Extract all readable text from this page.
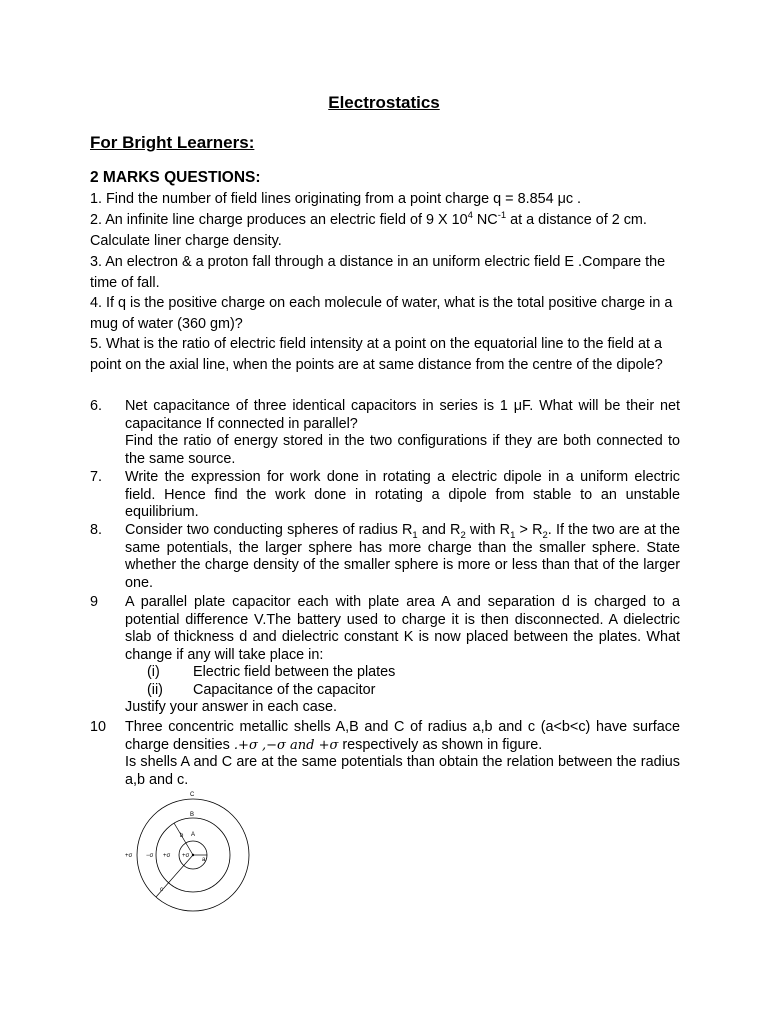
Electrostatics
For Bright Learners:
2 MARKS QUESTIONS:
1. Find the number of field lines originating from a point charge q = 8.854 μc .
2. An infinite line charge produces an electric field of 9 X $10^4$ $NC^{-1}$ at a distance of 2 cm. Calculate liner charge density.
3. An electron & a proton fall through a distance in an uniform electric field E .Compare the time of fall.
4. If q is the positive charge on each molecule of water, what is the total positive charge in a mug of water (360 gm)?
5. What is the ratio of electric field intensity at a point on the equatorial line to the field at a point on the axial line, when the points are at same distance from the centre of the dipole?
6. Net capacitance of three identical capacitors in series is 1 μF. What will be their net capacitance If connected in parallel?
Find the ratio of energy stored in the two configurations if they are both connected to the same source.
7. Write the expression for work done in rotating a electric dipole in a uniform electric field. Hence find the work done in rotating a dipole from stable to an unstable equilibrium.
8. Consider two conducting spheres of radius $R_1$ and $R_2$ with $R_1 > R_2$. If the two are at the same potentials, the larger sphere has more charge than the smaller sphere. State whether the charge density of the smaller sphere is more or less than that of the larger one.
9 A parallel plate capacitor each with plate area A and separation d is charged to a potential difference V.The battery used to charge it is then disconnected. A dielectric slab of thickness d and dielectric constant K is now placed between the plates. What change if any will take place in:
(i) Electric field between the plates
(ii) Capacitance of the capacitor
Justify your answer in each case.
10 Three concentric metallic shells A,B and C of radius a,b and c (a<b<c) have surface charge densities .+σ ,−σ and +σ respectively as shown in figure.
Is shells A and C are at the same potentials than obtain the relation between the radius a,b and c.
C
B
A
b
a
c
+σ −σ +σ +σ
